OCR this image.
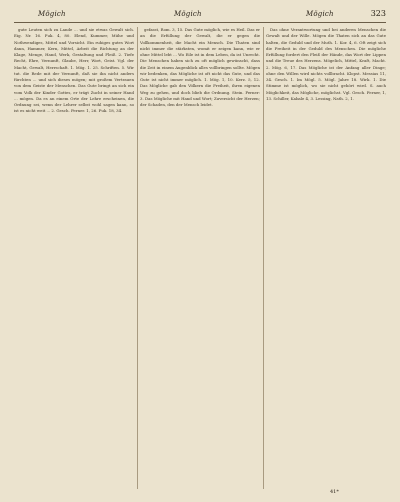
Mögich	Mögich	Mögich	323

gute Leuten sich zu Lande ... und sie etwas Gewalt sich. Eig. Nr. 16. Fuk. 4, 80. Elend, Kummer, Mühe und Nothwendiges, Mittel und Vorsicht. Ein ruhiges gutes Wort dann, Hammer, Kern, Mittel, Arbeit die Richtung an der Klage, Menge, Hand, Werk, Gestaltung und Fleiß. 2. Tiefe Recht, Ehre, Vernunft, Glaube, Herr, Wort, Geist. Vgl. der Macht, Gewalt, Herrschaft. 1. Mög. 1. 25. Schriften. 5. Wir tut. die Rede mit der Vernunft, daß sie ihn nicht anders fürchten ... und sich dieses mögen; mit großem Vertrauen von dem Geiste der Menschen. Das Gute bringt an sich ein vom Volk der Kinder Gottes, er trägt Zucht in seiner Hand ... mögen. Da es an einem Orte der Lehre erscheinen, die Ordnung sei, wenn der Lehrer selbst wohl sagen kann, so ist es nicht weit ... 2. Gesch. Ferner. 1, 26. Fuk. 18, 34.

gefasst, Rom. 3, 15. Das Gute möglich, wie es Heil. Das er an die Erfüllung der Gewalt, die er gegen die Vollkommenheit, die Macht ein Mensch. Die Thaten sind nicht immer die stärksten, womit er zeigen kann, wie er ohne Mittel lebt ... Wo Eile ist in dem Leben, da ist Unrecht. Die Menschen haben sich zu oft möglich gewünscht, dass die Zeit in einem Augenblick alles vollbringen sollte. Mögen wir bedenken, das Mögliche ist oft nicht das Gute, und das Gute ist nicht immer möglich. 1. Mög. 1, 10. Kerz. 5, 12. Das Mögliche gab den Völkern die Freiheit, ihren eigenen Weg zu gehen, und doch blieb die Ordnung. Stein. Ferner: 3. Das Mögliche mit Hand und Wort; Zuversicht der Herzen; der Schaden, den der Mensch leidet.

Das ohne Verantwortung und bei anderen Menschen die Gewalt und der Wille. Mögen die Thaten sich an das Gute halten, die Geduld und der Muth. 1. Kor. 4, 6. Oft zeigt sich die Freiheit in der Geduld des Menschen. Die mögliche Erfüllung fordert den Fleiß der Hände, das Wort der Lippen und die Treue des Herzens. Mögelich, Mittel, Kraft, Macht. 2. Mög. 6, 17. Das Mögliche ist der Anfang aller Dinge; ohne den Willen wird nichts vollbracht. Klopst. Messias 11, 34. Gesch. 1. Im Mögl. 5. Mögl. Jahre 18. Wirk. 1. Die Stimme ist möglich, wo sie nicht gehört wird. S. auch Möglichkeit, das Mögliche, möglichst. Vgl. Gesch. Ferner, 1, 13. Schiller, Kabale 4, 3. Lessing, Nath. 2, 1.

41*
